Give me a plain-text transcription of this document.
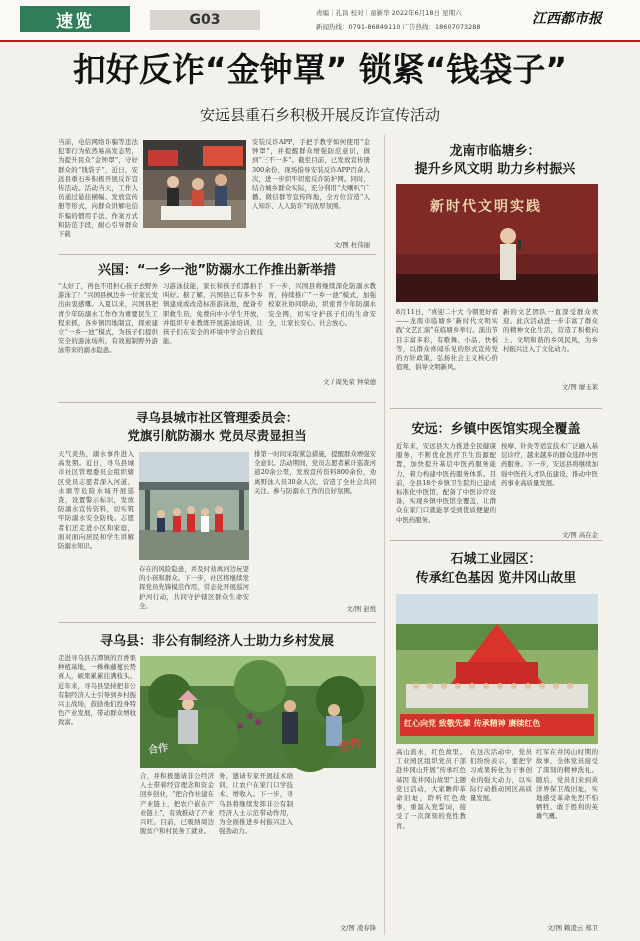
速览	G03	责编｜孔昌 校对｜童新华 2022年6月18日 星期六
新闻热线：0791-86849110 广告热线：18607073288	江西都市报
扣好反诈“金钟罩” 锁紧“钱袋子”
安远县重石乡积极开展反诈宣传活动
当前，电信网络诈骗等违法犯罪行为依然易高发态势，为提升民众“金钟罩”，守好群众的“钱袋子”，近日，安远县重石乡积极开展反诈宣传活动。活动当天，工作人员通过悬挂横幅、发放宣传册等形式，向群众讲解电信诈骗的惯用手法、作案方式和防范手段，耐心引导群众下载
安装反诈APP，手把手教学如何使用“金钟罩”，并提醒群众增强防范意识，做到“三不一多”。截至目前，已发放宣传册300余份，现场指导安装反诈APP百余人次，进一步织牢织密反诈防护网。同时，结合城乡群众实际，充分利用“大喇叭”广播、微信群等宣传阵地，全方位营造“人人知诈、人人防诈”的浓厚氛围。
文/图 杜伟丽
兴国：“一乡一池”防溺水工作推出新举措
“太好了，再也不用担心孩子去野外游泳了！”兴国县枫边乡一位家长发出由衷感慨。入夏以来，兴国县把青少年防溺水工作作为重要民生工程来抓，各乡镇因地制宜，探索建立“一乡一池”模式，为孩子们提供安全的游泳场所，有效遏制野外游泳带来的溺水隐患。
习游泳技能，家长和孩子们都拍手叫好。据了解，兴国县已有多个乡镇建成或改造标准游泳池，配备专职救生员，免费向中小学生开放，并组织专业教练开展游泳培训，让孩子们在安全的环境中学会自救技能。
下一步，兴国县将继续深化防溺水教育，持续推广“一乡一池”模式，加强校家社协同联动，织密青少年防溺水安全网，切实守护孩子们的生命安全，让家长安心、社会放心。
文 / 周先荣 钟荣德
寻乌县城市社区管理委员会：
党旗引航防溺水 党员尽责显担当
天气炎热，溺水事件进入高发期。近日，寻乌县城市社区管理委员会组织辖区党员志愿者深入河道、水塘等危险水域开展巡查，设置警示标识，发放防溺水宣传资料，切实筑牢防溺水安全防线。志愿者们还走进小区和家庭，面对面向居民和学生讲解防溺水知识。
存在的风险隐患，并及时劝离河边玩耍的小孩和群众。下一步，社区将继续发挥党员先锋模范作用，常态化开展巡河护河行动，共同守护辖区群众生命安全。
排第一时间采取紧急措施，提醒群众增强安全意识。活动期间，党员志愿者累计巡查河道20余公里，发放宣传资料800余份，劝离野泳人员30余人次，营造了全社会共同关注、参与防溺水工作的良好氛围。
文/图 赵悦
寻乌县：非公有制经济人士助力乡村发展
走进寻乌县吉潭镇的百香果种植基地，一株株藤蔓长势喜人，硕果累累挂满枝头。近年来，寻乌县坚持把非公有制经济人士引导到乡村振兴主战场，鼓励他们投身特色产业发展，带动群众增收致富。
合作
合作
合，并积极邀请非公经济人士带着经营理念和资金回乡创业，“把合作社建在产业链上，把农户嵌在产业链上”，有效推动了产业兴旺。目前，已吸纳周边脱贫户和村民务工就业。
务，邀请专家开展技术培训，让农户在家门口学技术、增收入。下一步，寻乌县将继续发挥非公有制经济人士示范带动作用，为全面推进乡村振兴注入强劲动力。
文/图 凌春锋
龙南市临塘乡：
提升乡风文明 助力乡村振兴
新时代文明实践
8月11日，“喜迎二十大 今朝更好看——龙南市临塘乡‘新时代文明实践’文艺汇演”在临塘乡举行。演出节目丰富多彩，有歌舞、小品、快板等，以群众喜闻乐见的形式宣传党的方针政策，弘扬社会主义核心价值观，倡导文明新风。
新的文艺团队一直深受群众欢迎。此次活动进一步丰富了群众的精神文化生活，营造了积极向上、文明和谐的乡风民风，为乡村振兴注入了文化动力。
文/图 廖玉莱
安远：乡镇中医馆实现全覆盖
近年来，安远县大力推进全民健康服务，不断优化医疗卫生资源配置，加快提升基层中医药服务能力，着力构建中医药服务体系。目前，全县18个乡镇卫生院均已建成标准化中医馆，配备了中医诊疗设备，实现乡镇中医馆全覆盖，让群众在家门口就能享受到优质便捷的中医药服务。
按摩、针灸等适宜技术广泛融入基层诊疗，越来越多的群众选择中医药服务。下一步，安远县将继续加强中医药人才队伍建设，推动中医药事业高质量发展。
文/图 高在金
石城工业园区：
传承红色基因 览井冈山故里
红心向党 致敬先辈 传承精神 赓续红色
高山流水，红色故里。工业园区组织党员干部赴井冈山开展“传承红色基因 览井冈山故里”主题党日活动，大家瞻仰革命旧址，聆听红色故事，重温入党誓词，接受了一次深刻的党性教育。
在这次活动中，党员们纷纷表示，要把学习成果转化为干事创业的强大动力，以实际行动推动园区高质量发展。
红军在井冈山时期的故事，全体党员接受了深刻的精神洗礼。随后，党员们来到黄洋界保卫战旧址，实地感受革命先烈不怕牺牲、敢于胜利的英雄气概。
文/图 赖凌云 郑卫
